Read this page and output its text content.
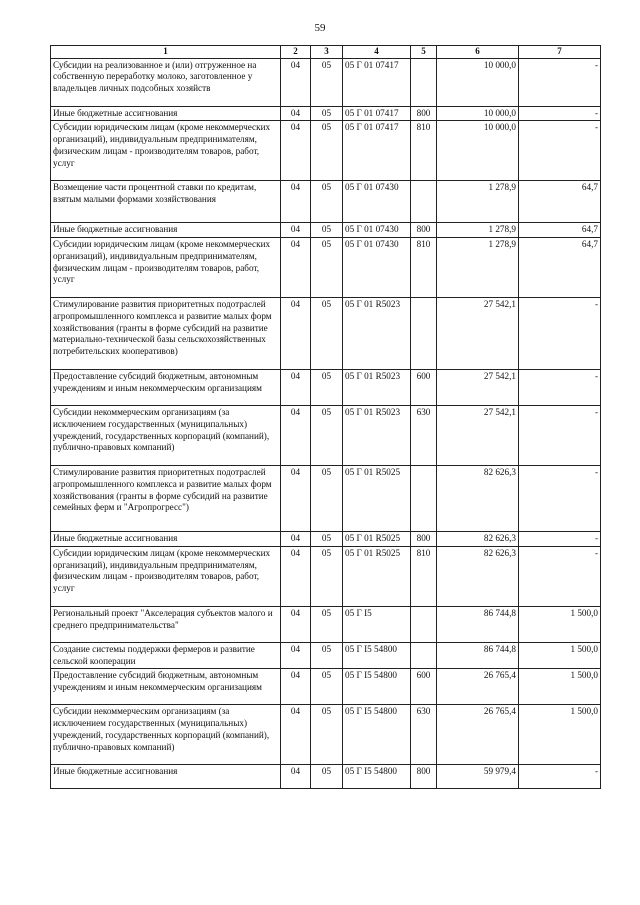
59
1	2	3	4	5	6	7
Субсидии на реализованное и (или) отгруженное на собственную переработку молоко, заготовленное у владельцев личных подсобных хозяйств	04	05	05 Г 01 07417		10 000,0	-
Иные бюджетные ассигнования	04	05	05 Г 01 07417	800	10 000,0	-
Субсидии юридическим лицам (кроме некоммерческих организаций), индивидуальным предпринимателям, физическим лицам - производителям товаров, работ, услуг	04	05	05 Г 01 07417	810	10 000,0	-
Возмещение части процентной ставки по кредитам, взятым малыми формами хозяйствования	04	05	05 Г 01 07430		1 278,9	64,7
Иные бюджетные ассигнования	04	05	05 Г 01 07430	800	1 278,9	64,7
Субсидии юридическим лицам (кроме некоммерческих организаций), индивидуальным предпринимателям, физическим лицам - производителям товаров, работ, услуг	04	05	05 Г 01 07430	810	1 278,9	64,7
Стимулирование развития приоритетных подотраслей агропромышленного комплекса и развитие малых форм хозяйствования (гранты в форме субсидий на развитие материально-технической базы сельскохозяйственных потребительских кооперативов)	04	05	05 Г 01 R5023		27 542,1	-
Предоставление субсидий бюджетным, автономным учреждениям и иным некоммерческим организациям	04	05	05 Г 01 R5023	600	27 542,1	-
Субсидии некоммерческим организациям (за исключением государственных (муниципальных) учреждений, государственных корпораций (компаний), публично-правовых компаний)	04	05	05 Г 01 R5023	630	27 542,1	-
Стимулирование развития приоритетных подотраслей агропромышленного комплекса и развитие малых форм хозяйствования (гранты в форме субсидий на развитие семейных ферм и "Агропрогресс")	04	05	05 Г 01 R5025		82 626,3	-
Иные бюджетные ассигнования	04	05	05 Г 01 R5025	800	82 626,3	-
Субсидии юридическим лицам (кроме некоммерческих организаций), индивидуальным предпринимателям, физическим лицам - производителям товаров, работ, услуг	04	05	05 Г 01 R5025	810	82 626,3	-
Региональный проект "Акселерация субъектов малого и среднего предпринимательства"	04	05	05 Г I5		86 744,8	1 500,0
Создание системы поддержки фермеров и развитие сельской кооперации	04	05	05 Г I5 54800		86 744,8	1 500,0
Предоставление субсидий бюджетным, автономным учреждениям и иным некоммерческим организациям	04	05	05 Г I5 54800	600	26 765,4	1 500,0
Субсидии некоммерческим организациям (за исключением государственных (муниципальных) учреждений, государственных корпораций (компаний), публично-правовых компаний)	04	05	05 Г I5 54800	630	26 765,4	1 500,0
Иные бюджетные ассигнования	04	05	05 Г I5 54800	800	59 979,4	-
